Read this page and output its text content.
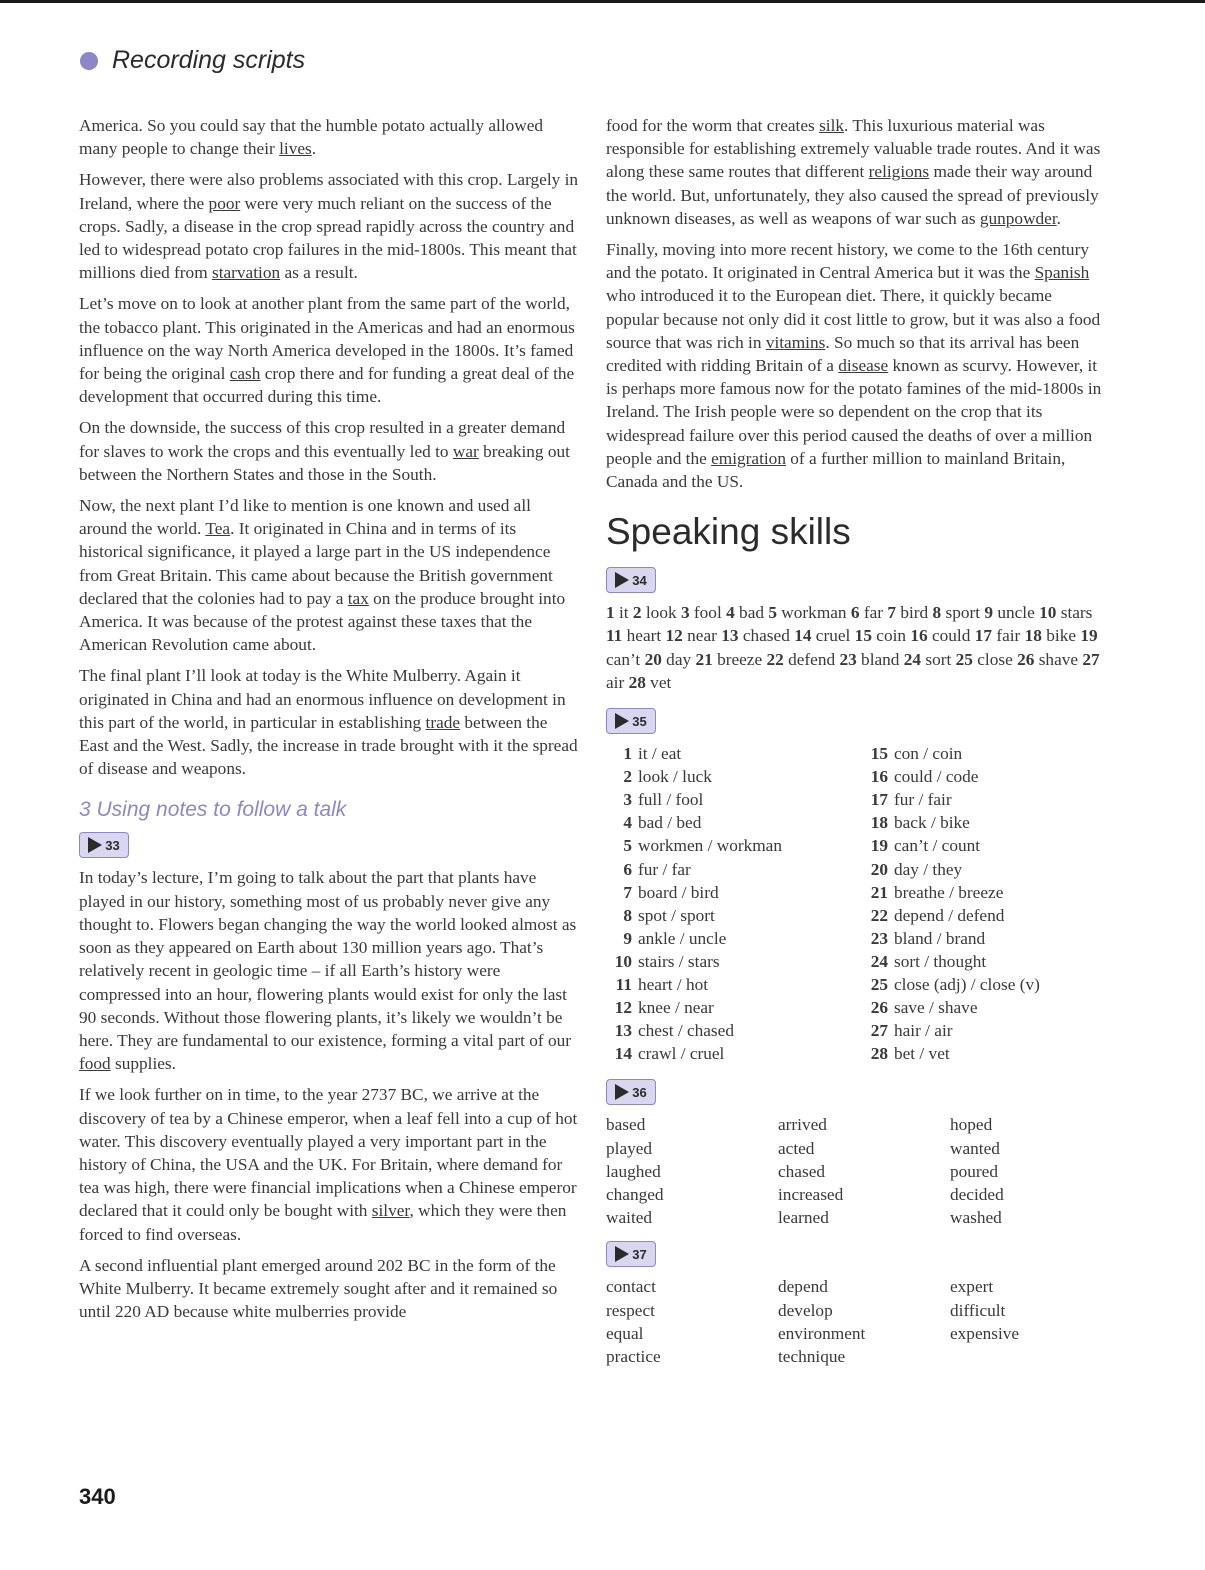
Recording scripts

America. So you could say that the humble potato actually allowed many people to change their lives.

However, there were also problems associated with this crop. Largely in Ireland, where the poor were very much reliant on the success of the crops. Sadly, a disease in the crop spread rapidly across the country and led to widespread potato crop failures in the mid-1800s. This meant that millions died from starvation as a result.

Let’s move on to look at another plant from the same part of the world, the tobacco plant. This originated in the Americas and had an enormous influence on the way North America developed in the 1800s. It’s famed for being the original cash crop there and for funding a great deal of the development that occurred during this time.

On the downside, the success of this crop resulted in a greater demand for slaves to work the crops and this eventually led to war breaking out between the Northern States and those in the South.

Now, the next plant I’d like to mention is one known and used all around the world. Tea. It originated in China and in terms of its historical significance, it played a large part in the US independence from Great Britain. This came about because the British government declared that the colonies had to pay a tax on the produce brought into America. It was because of the protest against these taxes that the American Revolution came about.

The final plant I’ll look at today is the White Mulberry. Again it originated in China and had an enormous influence on development in this part of the world, in particular in establishing trade between the East and the West. Sadly, the increase in trade brought with it the spread of disease and weapons.

3 Using notes to follow a talk
33

In today’s lecture, I’m going to talk about the part that plants have played in our history, something most of us probably never give any thought to. Flowers began changing the way the world looked almost as soon as they appeared on Earth about 130 million years ago. That’s relatively recent in geologic time – if all Earth’s history were compressed into an hour, flowering plants would exist for only the last 90 seconds. Without those flowering plants, it’s likely we wouldn’t be here. They are fundamental to our existence, forming a vital part of our food supplies.

If we look further on in time, to the year 2737 BC, we arrive at the discovery of tea by a Chinese emperor, when a leaf fell into a cup of hot water. This discovery eventually played a very important part in the history of China, the USA and the UK. For Britain, where demand for tea was high, there were financial implications when a Chinese emperor declared that it could only be bought with silver, which they were then forced to find overseas.

A second influential plant emerged around 202 BC in the form of the White Mulberry. It became extremely sought after and it remained so until 220 AD because white mulberries provide

food for the worm that creates silk. This luxurious material was responsible for establishing extremely valuable trade routes. And it was along these same routes that different religions made their way around the world. But, unfortunately, they also caused the spread of previously unknown diseases, as well as weapons of war such as gunpowder.

Finally, moving into more recent history, we come to the 16th century and the potato. It originated in Central America but it was the Spanish who introduced it to the European diet. There, it quickly became popular because not only did it cost little to grow, but it was also a food source that was rich in vitamins. So much so that its arrival has been credited with ridding Britain of a disease known as scurvy. However, it is perhaps more famous now for the potato famines of the mid-1800s in Ireland. The Irish people were so dependent on the crop that its widespread failure over this period caused the deaths of over a million people and the emigration of a further million to mainland Britain, Canada and the US.

Speaking skills
34
1 it 2 look 3 fool 4 bad 5 workman 6 far 7 bird 8 sport 9 uncle 10 stars 11 heart 12 near 13 chased 14 cruel 15 coin 16 could 17 fair 18 bike 19 can’t 20 day 21 breeze 22 defend 23 bland 24 sort 25 close 26 shave 27 air 28 vet
35
1 it / eat	15 con / coin
2 look / luck	16 could / code
3 full / fool	17 fur / fair
4 bad / bed	18 back / bike
5 workmen / workman	19 can’t / count
6 fur / far	20 day / they
7 board / bird	21 breathe / breeze
8 spot / sport	22 depend / defend
9 ankle / uncle	23 bland / brand
10 stairs / stars	24 sort / thought
11 heart / hot	25 close (adj) / close (v)
12 knee / near	26 save / shave
13 chest / chased	27 hair / air
14 crawl / cruel	28 bet / vet
36
based	arrived	hoped
played	acted	wanted
laughed	chased	poured
changed	increased	decided
waited	learned	washed
37
contact	depend	expert
respect	develop	difficult
equal	environment	expensive
practice	technique
340
